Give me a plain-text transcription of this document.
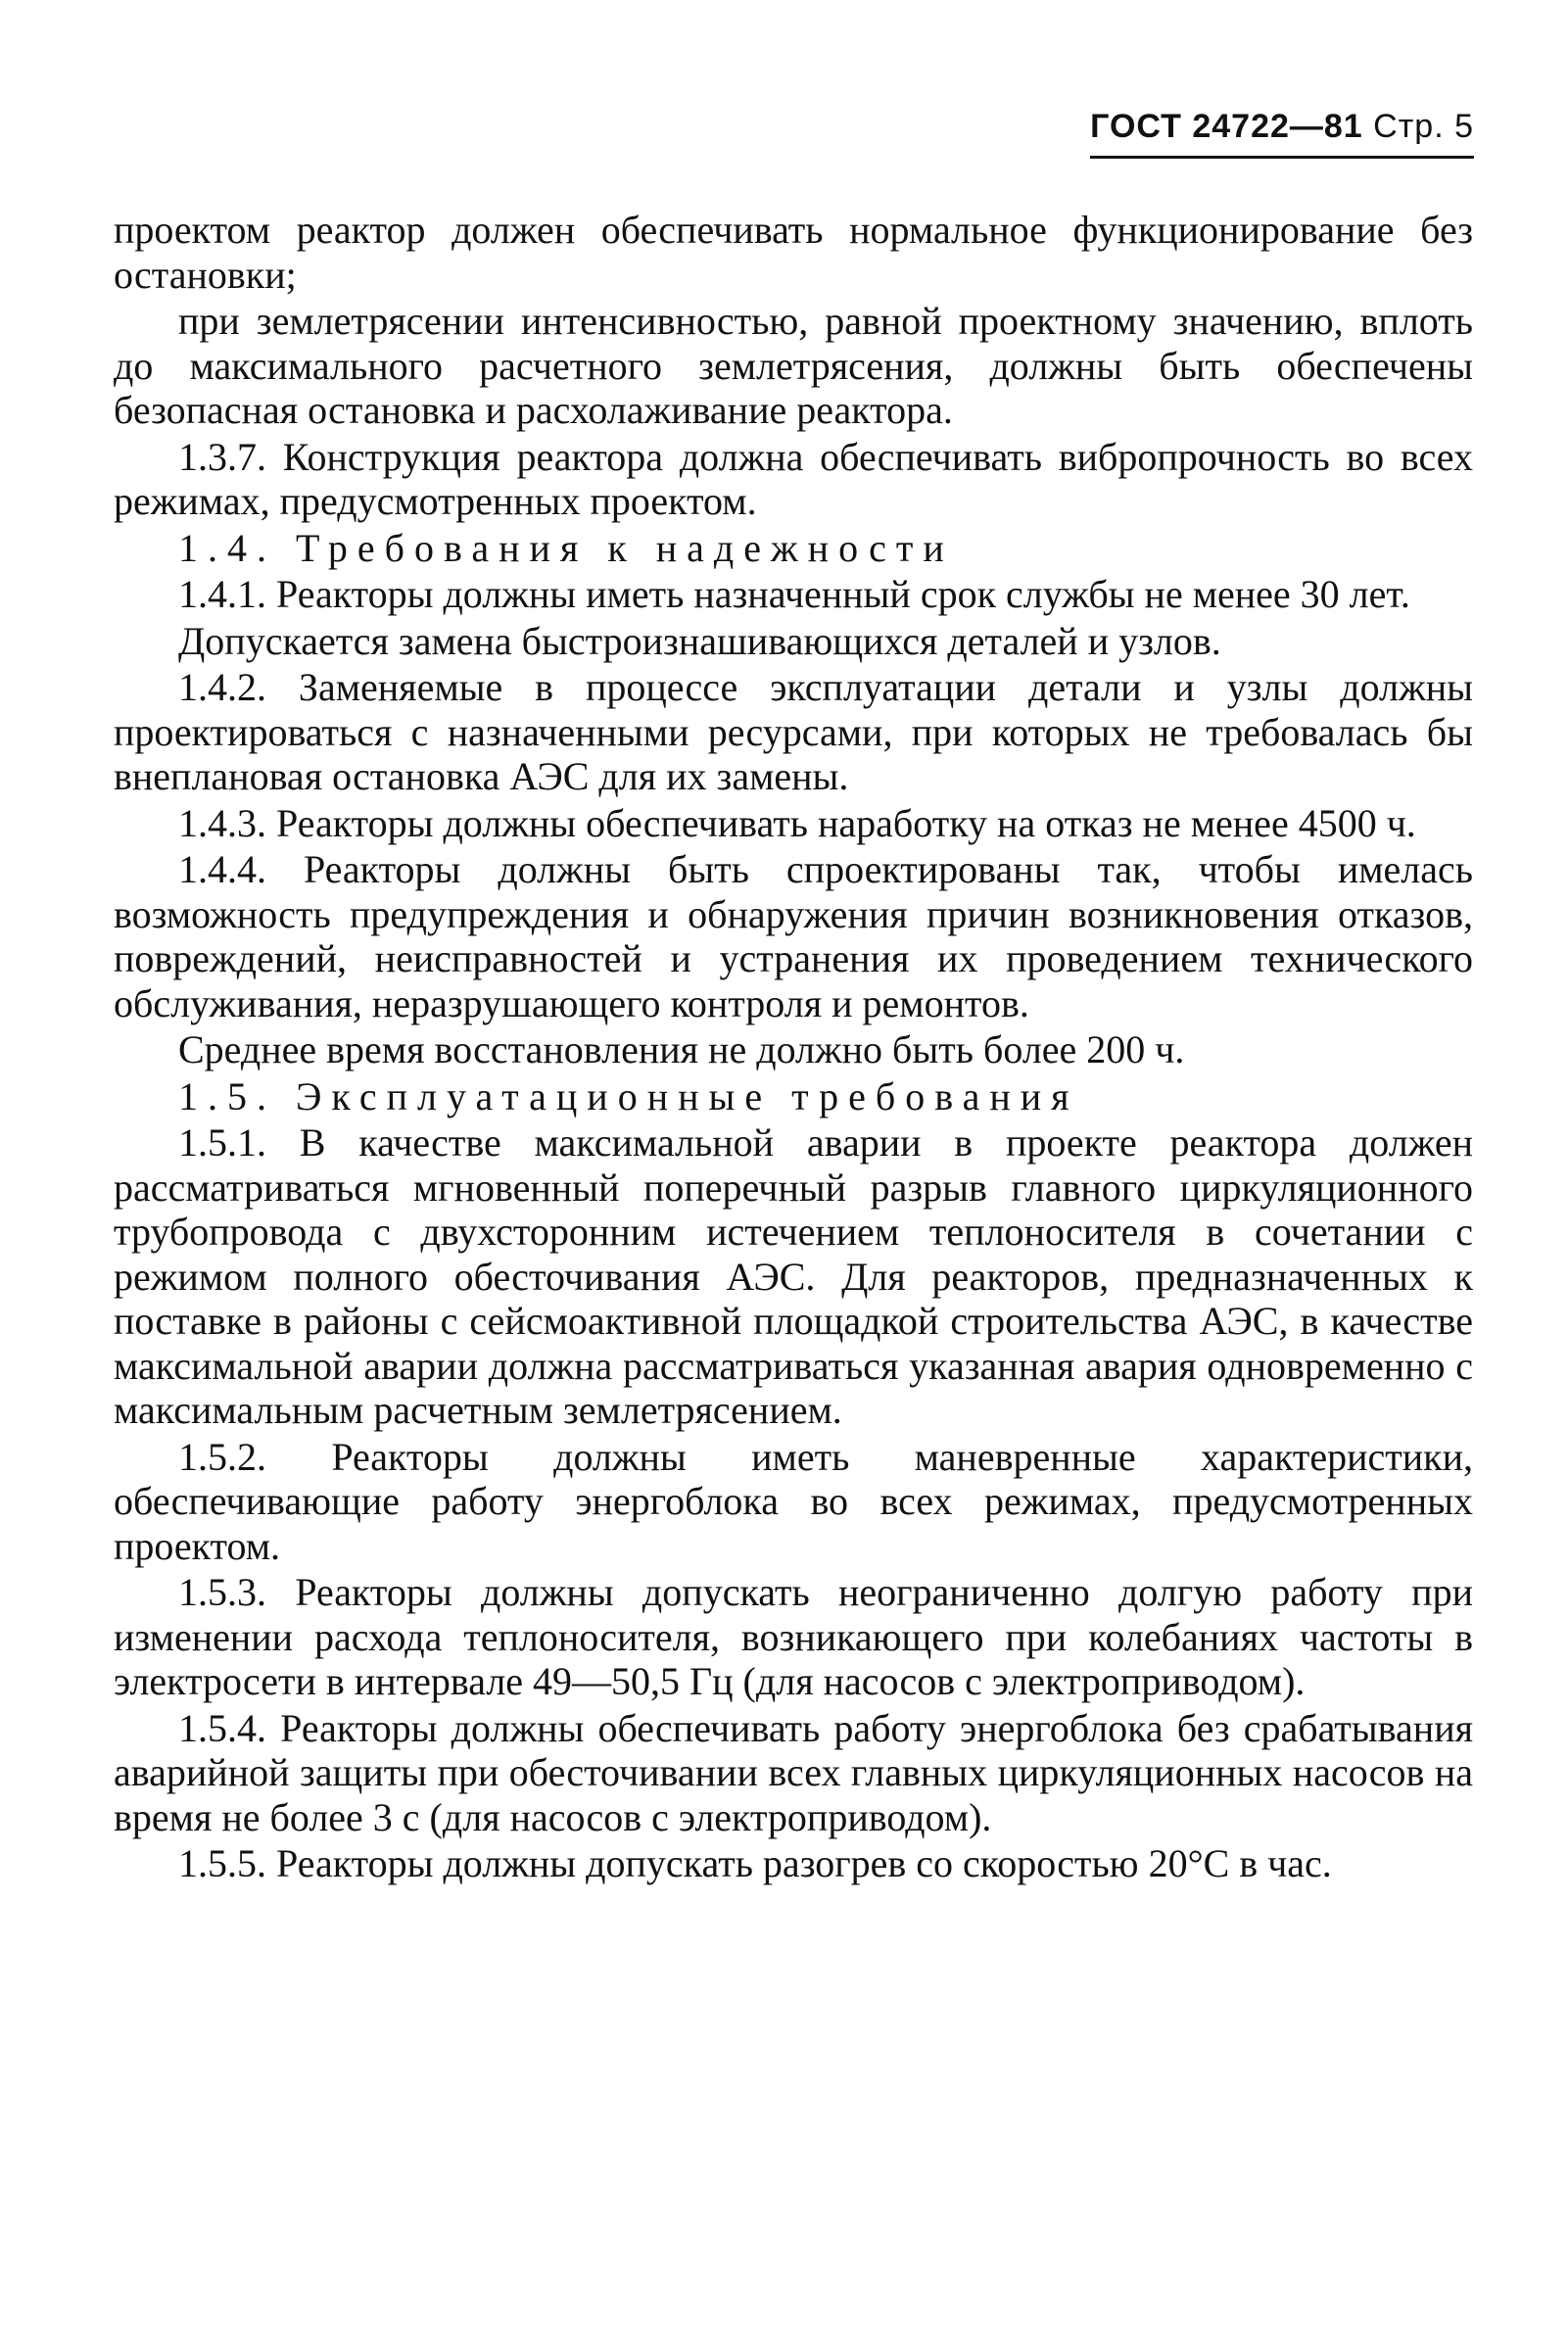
ГОСТ 24722—81 Стр. 5

проектом реактор должен обеспечивать нормальное функционирование без остановки;

при землетрясении интенсивностью, равной проектному значению, вплоть до максимального расчетного землетрясения, должны быть обеспечены безопасная остановка и расхолаживание реактора.

1.3.7. Конструкция реактора должна обеспечивать вибропрочность во всех режимах, предусмотренных проектом.

1.4. Требования к надежности

1.4.1. Реакторы должны иметь назначенный срок службы не менее 30 лет.

Допускается замена быстроизнашивающихся деталей и узлов.

1.4.2. Заменяемые в процессе эксплуатации детали и узлы должны проектироваться с назначенными ресурсами, при которых не требовалась бы внеплановая остановка АЭС для их замены.

1.4.3. Реакторы должны обеспечивать наработку на отказ не менее 4500 ч.

1.4.4. Реакторы должны быть спроектированы так, чтобы имелась возможность предупреждения и обнаружения причин возникновения отказов, повреждений, неисправностей и устранения их проведением технического обслуживания, неразрушающего контроля и ремонтов.

Среднее время восстановления не должно быть более 200 ч.

1.5. Эксплуатационные требования

1.5.1. В качестве максимальной аварии в проекте реактора должен рассматриваться мгновенный поперечный разрыв главного циркуляционного трубопровода с двухсторонним истечением теплоносителя в сочетании с режимом полного обесточивания АЭС. Для реакторов, предназначенных к поставке в районы с сейсмоактивной площадкой строительства АЭС, в качестве максимальной аварии должна рассматриваться указанная авария одновременно с максимальным расчетным землетрясением.

1.5.2. Реакторы должны иметь маневренные характеристики, обеспечивающие работу энергоблока во всех режимах, предусмотренных проектом.

1.5.3. Реакторы должны допускать неограниченно долгую работу при изменении расхода теплоносителя, возникающего при колебаниях частоты в электросети в интервале 49—50,5 Гц (для насосов с электроприводом).

1.5.4. Реакторы должны обеспечивать работу энергоблока без срабатывания аварийной защиты при обесточивании всех главных циркуляционных насосов на время не более 3 с (для насосов с электроприводом).

1.5.5. Реакторы должны допускать разогрев со скоростью 20°С в час.
